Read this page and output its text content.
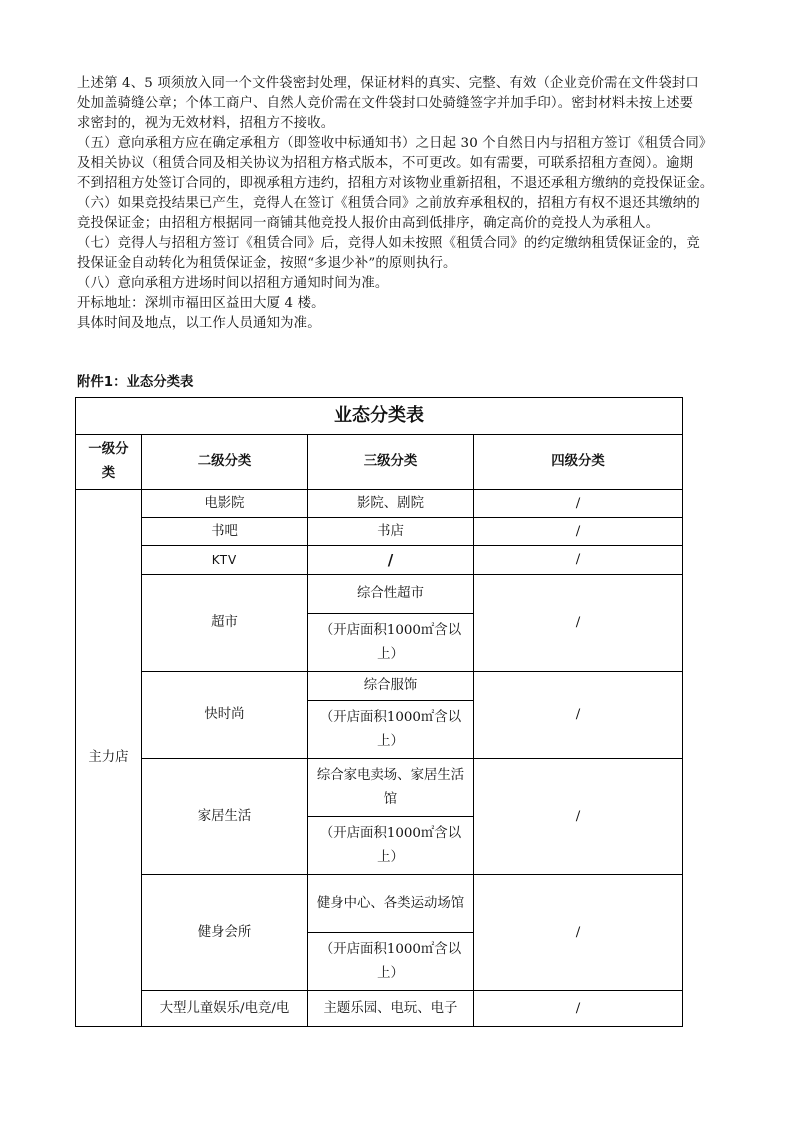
上述第 4、5 项须放入同一个文件袋密封处理，保证材料的真实、完整、有效（企业竞价需在文件袋封口
处加盖骑缝公章；个体工商户、自然人竞价需在文件袋封口处骑缝签字并加手印）。密封材料未按上述要
求密封的，视为无效材料，招租方不接收。

（五）意向承租方应在确定承租方（即签收中标通知书）之日起 30 个自然日内与招租方签订《租赁合同》
及相关协议（租赁合同及相关协议为招租方格式版本，不可更改。如有需要，可联系招租方查阅）。逾期
不到招租方处签订合同的，即视承租方违约，招租方对该物业重新招租，不退还承租方缴纳的竞投保证金。

（六）如果竞投结果已产生，竞得人在签订《租赁合同》之前放弃承租权的，招租方有权不退还其缴纳的
竞投保证金；由招租方根据同一商铺其他竞投人报价由高到低排序，确定高价的竞投人为承租人。

（七）竞得人与招租方签订《租赁合同》后，竞得人如未按照《租赁合同》的约定缴纳租赁保证金的，竞
投保证金自动转化为租赁保证金，按照“多退少补”的原则执行。

（八）意向承租方进场时间以招租方通知时间为准。

开标地址：深圳市福田区益田大厦 4 楼。

具体时间及地点，以工作人员通知为准。

附件1：业态分类表
业态分类表			
一级分类	二级分类	三级分类	四级分类
主力店	电影院	影院、剧院	/
	书吧	书店	/
	KTV	/	/
	超市	综合性超市	/
		（开店面积1000㎡含以上）	
	快时尚	综合服饰	/
		（开店面积1000㎡含以上）	
	家居生活	综合家电卖场、家居生活馆	/
		（开店面积1000㎡含以上）	
	健身会所	健身中心、各类运动场馆	/
		（开店面积1000㎡含以上）	
	大型儿童娱乐/电竞/电	主题乐园、电玩、电子	/
